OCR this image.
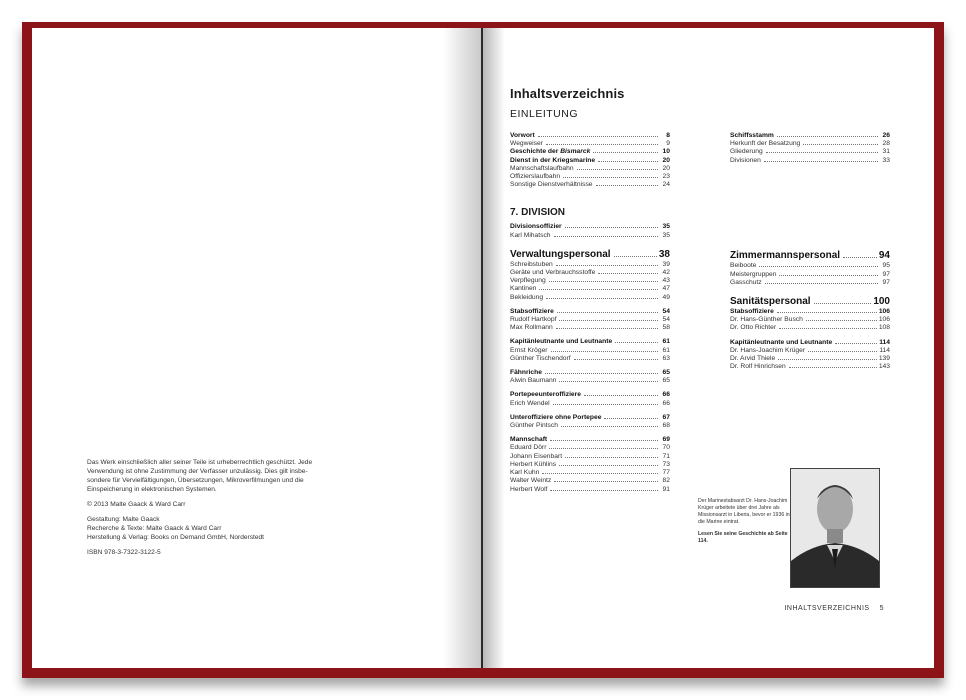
Das Werk einschließlich aller seiner Teile ist urheberrechtlich geschützt. Jede
Verwendung ist ohne Zustimmung der Verfasser unzulässig. Dies gilt insbe-
sondere für Vervielfältigungen, Übersetzungen, Mikroverfilmungen und die
Einspeicherung in elektronischen Systemen.

© 2013 Malte Gaack & Ward Carr

Gestaltung: Malte Gaack
Recherche & Texte: Malte Gaack & Ward Carr
Herstellung & Verlag: Books on Demand GmbH, Norderstedt

ISBN 978-3-7322-3122-5

Inhaltsverzeichnis
EINLEITUNG
Vorwort	8
Wegweiser	9
Geschichte der Bismarck	10
Dienst in der Kriegsmarine	20
Mannschaftslaufbahn	20
Offizierslaufbahn	23
Sonstige Dienstverhältnisse	24
Schiffsstamm	26
Herkunft der Besatzung	28
Gliederung	31
Divisionen	33
7. DIVISION
Divisionsoffizier	35
Karl Mihatsch	35
Verwaltungspersonal	38
Schreibstuben	39
Geräte und Verbrauchsstoffe	42
Verpflegung	43
Kantinen	47
Bekleidung	49
Stabsoffiziere	54
Rudolf Hartkopf	54
Max Rollmann	58
Kapitänleutnante und Leutnante	61
Ernst Kröger	61
Günther Tischendorf	63
Fähnriche	65
Alwin Baumann	65
Portepeeunteroffiziere	66
Erich Wendel	66
Unteroffiziere ohne Portepee	67
Günther Pintsch	68
Mannschaft	69
Eduard Dörr	70
Johann Eisenbart	71
Herbert Kühlins	73
Karl Kuhn	77
Walter Weintz	82
Herbert Wolf	91
Zimmermannspersonal	94
Beiboote	95
Meistergruppen	97
Gasschutz	97
Sanitätspersonal	100
Stabsoffiziere	106
Dr. Hans-Günther Busch	106
Dr. Otto Richter	108
Kapitänleutnante und Leutnante	114
Dr. Hans-Joachim Krüger	114
Dr. Arvid Thiele	139
Dr. Rolf Hinrichsen	143

Der Marinestabsarzt Dr. Hans-Joachim Krüger arbeitete über drei Jahre als Missionsarzt in Liberia, bevor er 1936 in die Marine eintrat.

Lesen Sie seine Geschichte ab Seite 114.

INHALTSVERZEICHNIS 5
